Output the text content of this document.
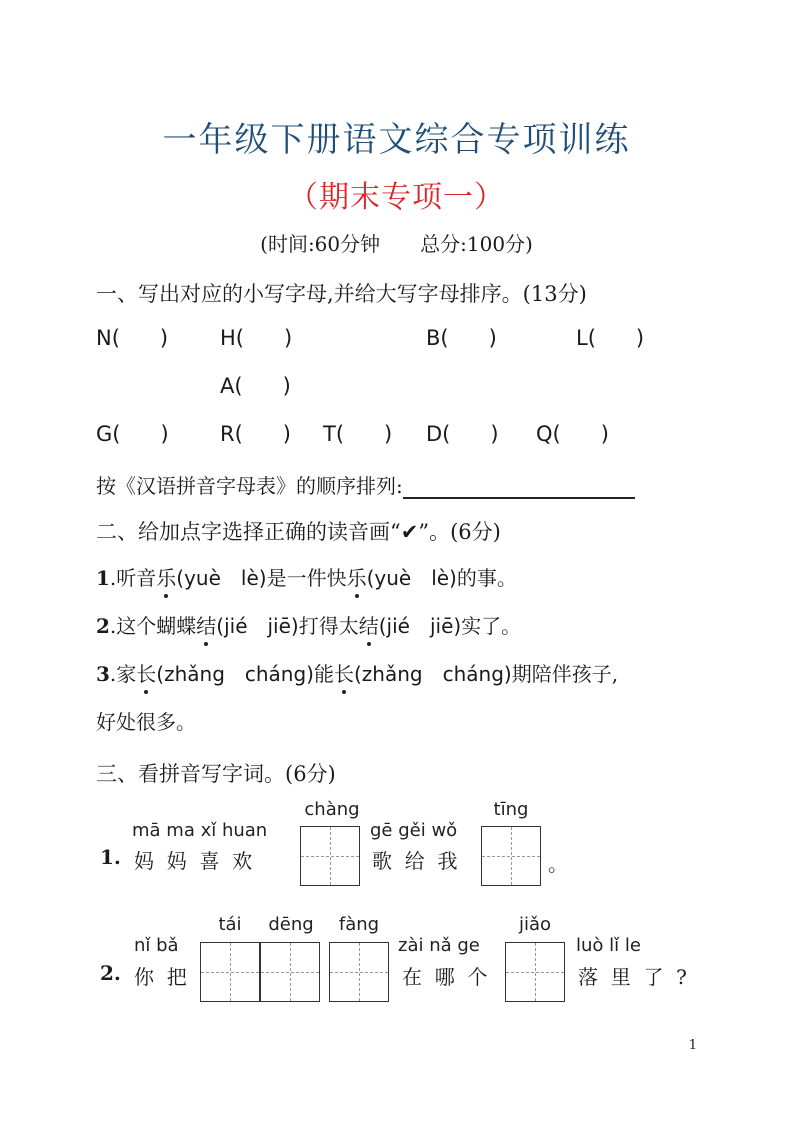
一年级下册语文综合专项训练
（期末专项一）
(时间:60分钟　　总分:100分)
一、写出对应的小写字母,并给大写字母排序。(13分)
N( ) H( )	B( )	L( )
A( )
G( ) R( ) T( ) D( ) Q( )
按《汉语拼音字母表》的顺序排列:
二、给加点字选择正确的读音画“✔”。(6分)
1.听音乐(yuè　lè)是一件快乐(yuè　lè)的事。
2.这个蝴蝶结(jié　jiē)打得太结(jié　jiē)实了。
3.家长(zhǎng　cháng)能长(zhǎng　cháng)期陪伴孩子,
好处很多。
三、看拼音写字词。(6分)
mā ma xǐ huan
1. 妈 妈 喜 欢
chàng
gē gěi wǒ
歌 给 我
tīng
。
nǐ bǎ
2. 你 把
tái	dēng	fàng
zài nǎ ge
在 哪 个
jiǎo
luò lǐ le
落 里 了 ?
1
